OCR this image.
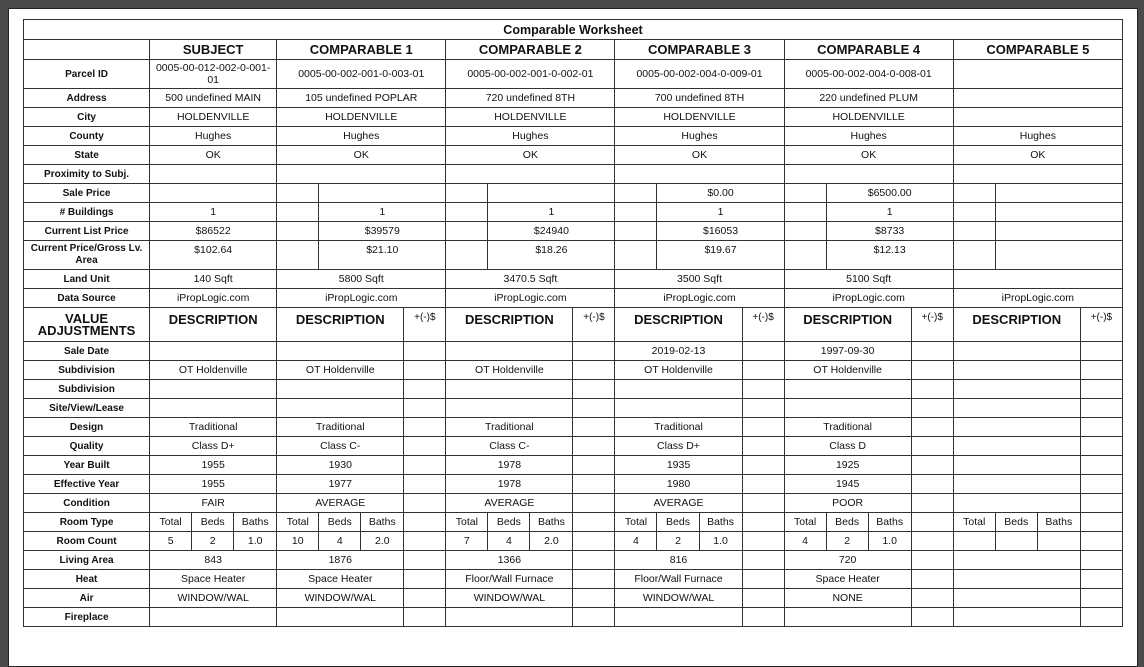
Comparable Worksheet																							
	SUBJECT			COMPARABLE 1				COMPARABLE 2				COMPARABLE 3				COMPARABLE 4				COMPARABLE 5			
Parcel ID	0005-00-012-002-0-001-01			0005-00-002-001-0-003-01				0005-00-002-001-0-002-01				0005-00-002-004-0-009-01				0005-00-002-004-0-008-01							
Address	500 undefined MAIN			105 undefined POPLAR				720 undefined 8TH				700 undefined 8TH				220 undefined PLUM							
City	HOLDENVILLE			HOLDENVILLE				HOLDENVILLE				HOLDENVILLE				HOLDENVILLE							
County	Hughes			Hughes				Hughes				Hughes				Hughes				Hughes			
State	OK			OK				OK				OK				OK				OK			
Proximity to Subj.																							
Sale Price													$0.00				$6500.00						
# Buildings	1				1				1				1				1						
Current List Price	$86522				$39579				$24940				$16053				$8733						
Current Price/Gross Lv. Area	$102.64				$21.10				$18.26				$19.67				$12.13						
Land Unit	140 Sqft			5800 Sqft				3470.5 Sqft				3500 Sqft				5100 Sqft							
Data Source	iPropLogic.com			iPropLogic.com				iPropLogic.com				iPropLogic.com				iPropLogic.com				iPropLogic.com			
VALUE ADJUSTMENTS	DESCRIPTION			DESCRIPTION			+(-)$	DESCRIPTION			+(-)$	DESCRIPTION			+(-)$	DESCRIPTION			+(-)$	DESCRIPTION			+(-)$
Sale Date												2019-02-13				1997-09-30							
Subdivision	OT Holdenville			OT Holdenville				OT Holdenville				OT Holdenville				OT Holdenville							
Subdivision																							
Site/View/Lease																							
Design	Traditional			Traditional				Traditional				Traditional				Traditional							
Quality	Class D+			Class C-				Class C-				Class D+				Class D							
Year Built	1955			1930				1978				1935				1925							
Effective Year	1955			1977				1978				1980				1945							
Condition	FAIR			AVERAGE				AVERAGE				AVERAGE				POOR							
Room Type	Total	Beds	Baths	Total	Beds	Baths		Total	Beds	Baths		Total	Beds	Baths		Total	Beds	Baths		Total	Beds	Baths	
Room Count	5	2	1.0	10	4	2.0		7	4	2.0		4	2	1.0		4	2	1.0					
Living Area	843			1876				1366				816				720							
Heat	Space Heater			Space Heater				Floor/Wall Furnace				Floor/Wall Furnace				Space Heater							
Air	WINDOW/WAL			WINDOW/WAL				WINDOW/WAL				WINDOW/WAL				NONE							
Fireplace																							
